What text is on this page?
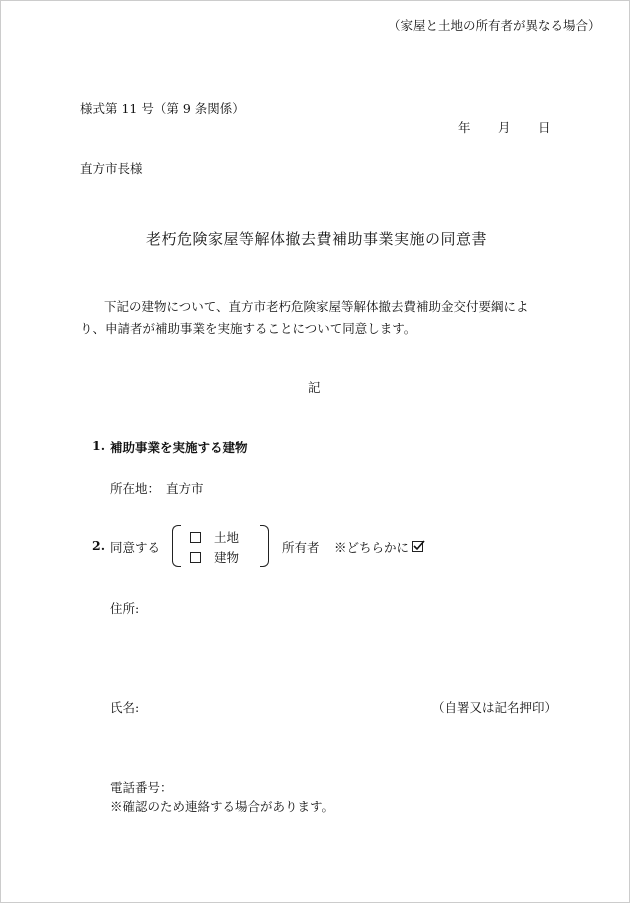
（家屋と土地の所有者が異なる場合）
様式第 11 号（第 9 条関係）
年 月 日
直方市長様
老朽危険家屋等解体撤去費補助事業実施の同意書
下記の建物について、直方市老朽危険家屋等解体撤去費補助金交付要綱により、申請者が補助事業を実施することについて同意します。
記
1. 補助事業を実施する建物
所在地： 直方市
2. 同意する
土地
建物
所有者 ※どちらかに
住所:
氏名:	（自署又は記名押印）
電話番号：
※確認のため連絡する場合があります。
